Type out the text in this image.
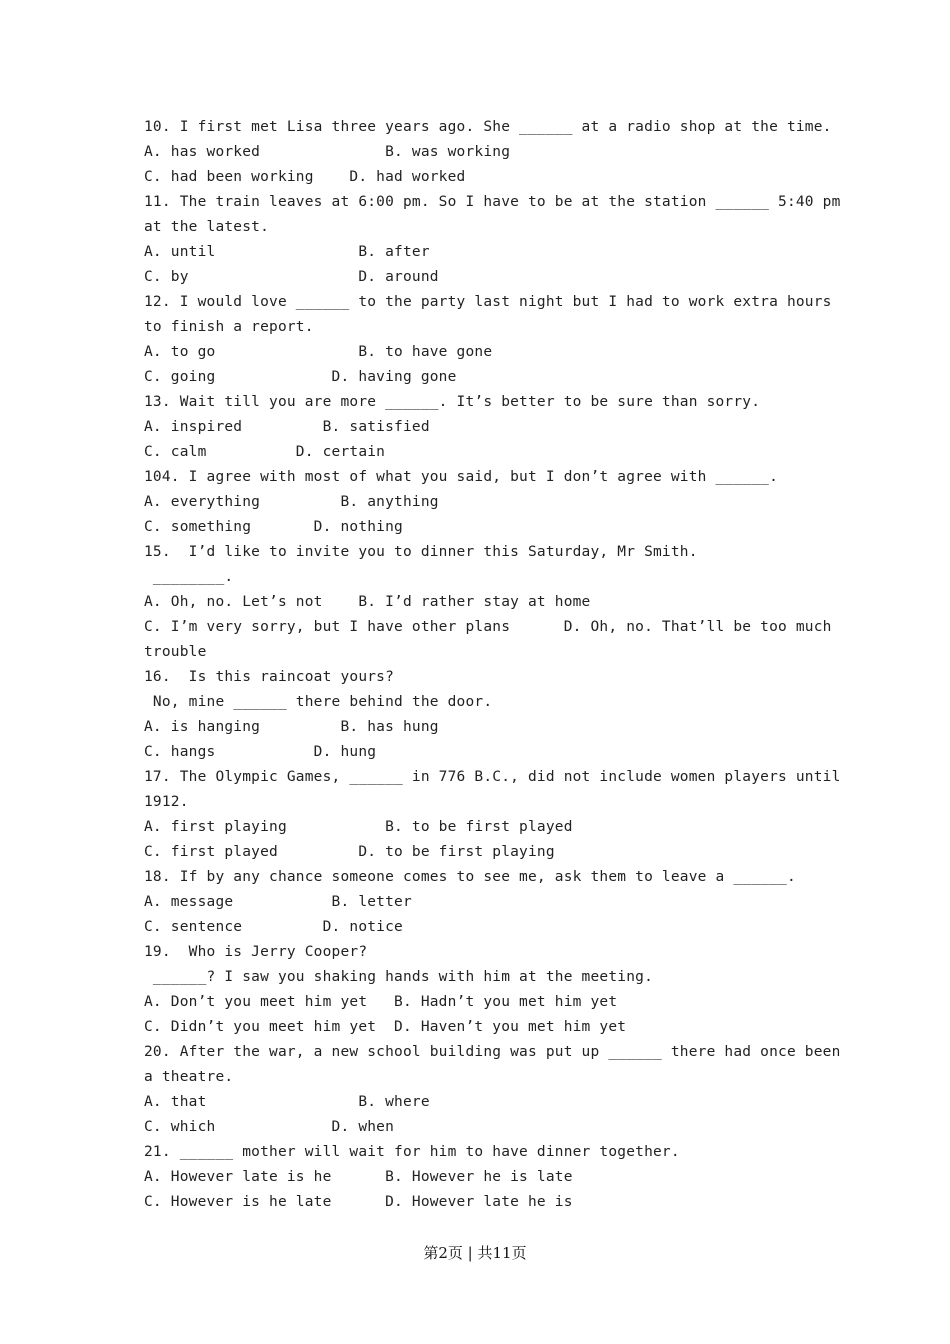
10. I first met Lisa three years ago. She ______ at a radio shop at the time.
A. has worked              B. was working
C. had been working    D. had worked
11. The train leaves at 6:00 pm. So I have to be at the station ______ 5:40 pm
at the latest.
A. until                B. after
C. by                   D. around
12. I would love ______ to the party last night but I had to work extra hours
to finish a report.
A. to go                B. to have gone
C. going             D. having gone
13. Wait till you are more ______. It’s better to be sure than sorry.
A. inspired         B. satisfied
C. calm          D. certain
104. I agree with most of what you said, but I don’t agree with ______.
A. everything         B. anything
C. something       D. nothing
15.  I’d like to invite you to dinner this Saturday, Mr Smith.
________.
A. Oh, no. Let’s not    B. I’d rather stay at home
C. I’m very sorry, but I have other plans      D. Oh, no. That’ll be too much
trouble
16.  Is this raincoat yours?
No, mine ______ there behind the door.
A. is hanging         B. has hung
C. hangs           D. hung
17. The Olympic Games, ______ in 776 B.C., did not include women players until
1912.
A. first playing           B. to be first played
C. first played         D. to be first playing
18. If by any chance someone comes to see me, ask them to leave a ______.
A. message           B. letter
C. sentence         D. notice
19.  Who is Jerry Cooper?
______? I saw you shaking hands with him at the meeting.
A. Don’t you meet him yet   B. Hadn’t you met him yet
C. Didn’t you meet him yet  D. Haven’t you met him yet
20. After the war, a new school building was put up ______ there had once been
a theatre.
A. that                 B. where
C. which             D. when
21. ______ mother will wait for him to have dinner together.
A. However late is he      B. However he is late
C. However is he late      D. However late he is
第2页 | 共11页
